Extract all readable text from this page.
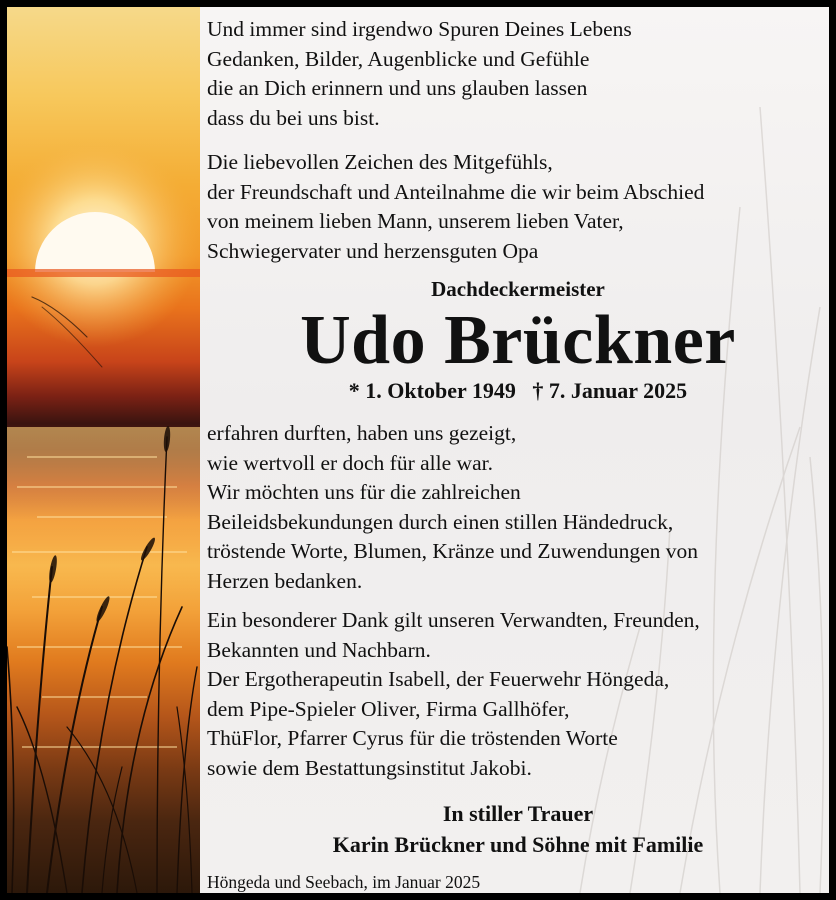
Und immer sind irgendwo Spuren Deines Lebens
Gedanken, Bilder, Augenblicke und Gefühle
die an Dich erinnern und uns glauben lassen
dass du bei uns bist.
Die liebevollen Zeichen des Mitgefühls,
der Freundschaft und Anteilnahme die wir beim Abschied
von meinem lieben Mann, unserem lieben Vater,
Schwiegervater und herzensguten Opa
Dachdeckermeister
Udo Brückner
* 1. Oktober 1949   † 7. Januar 2025
erfahren durften, haben uns gezeigt,
wie wertvoll er doch für alle war.
Wir möchten uns für die zahlreichen
Beileidsbekundungen durch einen stillen Händedruck,
tröstende Worte, Blumen, Kränze und Zuwendungen von
Herzen bedanken.
Ein besonderer Dank gilt unseren Verwandten, Freunden,
Bekannten und Nachbarn.
Der Ergotherapeutin Isabell, der Feuerwehr Höngeda,
dem Pipe-Spieler Oliver, Firma Gallhöfer,
ThüFlor, Pfarrer Cyrus für die tröstenden Worte
sowie dem Bestattungsinstitut Jakobi.
In stiller Trauer
Karin Brückner und Söhne mit Familie
Höngeda und Seebach, im Januar 2025
